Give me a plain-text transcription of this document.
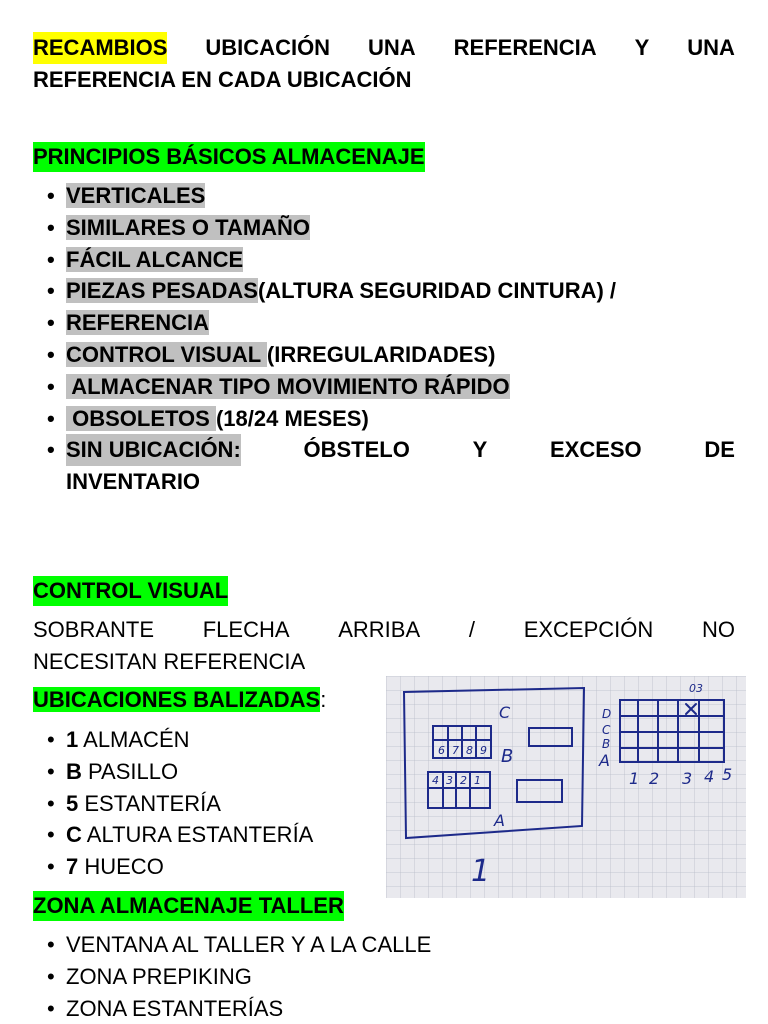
RECAMBIOS UBICACIÓN UNA REFERENCIA Y UNA
REFERENCIA EN CADA UBICACIÓN
PRINCIPIOS BÁSICOS ALMACENAJE
• VERTICALES
• SIMILARES O TAMAÑO
• FÁCIL ALCANCE
• PIEZAS PESADAS(ALTURA SEGURIDAD CINTURA) /
• REFERENCIA
• CONTROL VISUAL (IRREGULARIDADES)
•  ALMACENAR TIPO MOVIMIENTO RÁPIDO
•  OBSOLETOS (18/24 MESES)
• SIN UBICACIÓN:	ÓBSTELO	Y	EXCESO	DE
INVENTARIO
CONTROL VISUAL
SOBRANTE FLECHA ARRIBA / EXCEPCIÓN NO
NECESITAN REFERENCIA
UBICACIONES BALIZADAS:
• 1 ALMACÉN
• B PASILLO
• 5 ESTANTERÍA
• C ALTURA ESTANTERÍA
• 7 HUECO
ZONA ALMACENAJE TALLER
• VENTANA AL TALLER Y A LA CALLE
• ZONA PREPIKING
• ZONA ESTANTERÍAS
C
B
A
1
D
C
B
A
03
6 7 8 9
4 3 2 1	1 2 3 4 5
